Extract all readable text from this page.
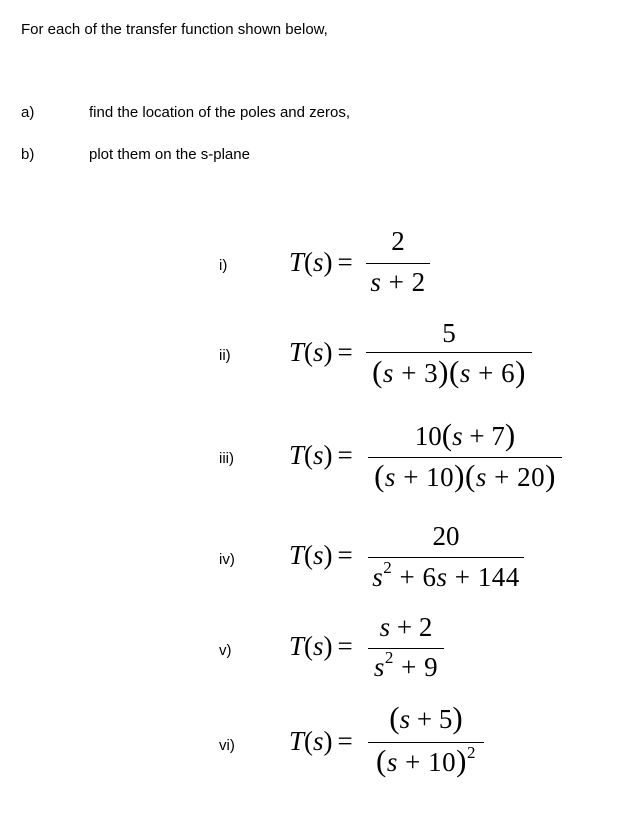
For each of the transfer function shown below,
a)	find the location of the poles and zeros,
b)	plot them on the s-plane
i) T(s) =
2
s + 2
ii) T(s) =
5
(s + 3)(s + 6)
iii) T(s) =
10(s + 7)
(s + 10)(s + 20)
iv) T(s) =
20
$s^2 + 6s + 144$
v) T(s) =
s + 2
$s^2 + 9$
vi) T(s) =
(s + 5)
$(s + 10)^2$
